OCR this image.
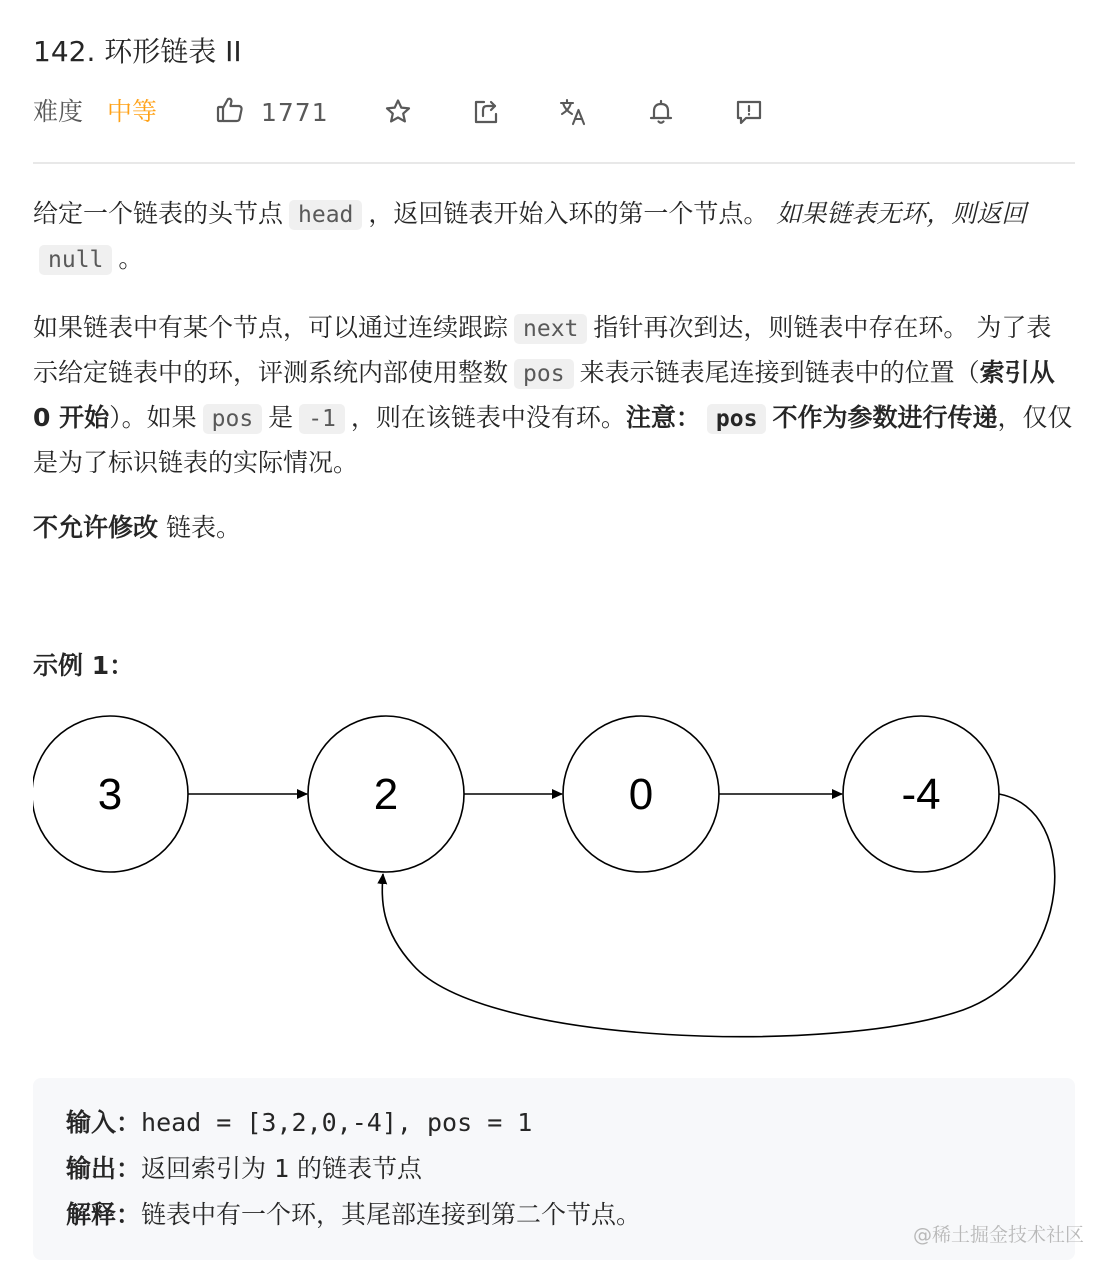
142. 环形链表 II
难度 中等	1771
给定一个链表的头节点 head ，返回链表开始入环的第一个节点。 如果链表无环，则返回null 。
如果链表中有某个节点，可以通过连续跟踪 next 指针再次到达，则链表中存在环。 为了表示给定链表中的环，评测系统内部使用整数 pos 来表示链表尾连接到链表中的位置（索引从 0 开始）。如果 pos 是 -1 ，则在该链表中没有环。注意： pos 不作为参数进行传递，仅仅是为了标识链表的实际情况。
不允许修改 链表。
示例 1：
3	2	0	-4
输入：head = [3,2,0,-4], pos = 1
输出：返回索引为 1 的链表节点
解释：链表中有一个环，其尾部连接到第二个节点。
@稀土掘金技术社区
